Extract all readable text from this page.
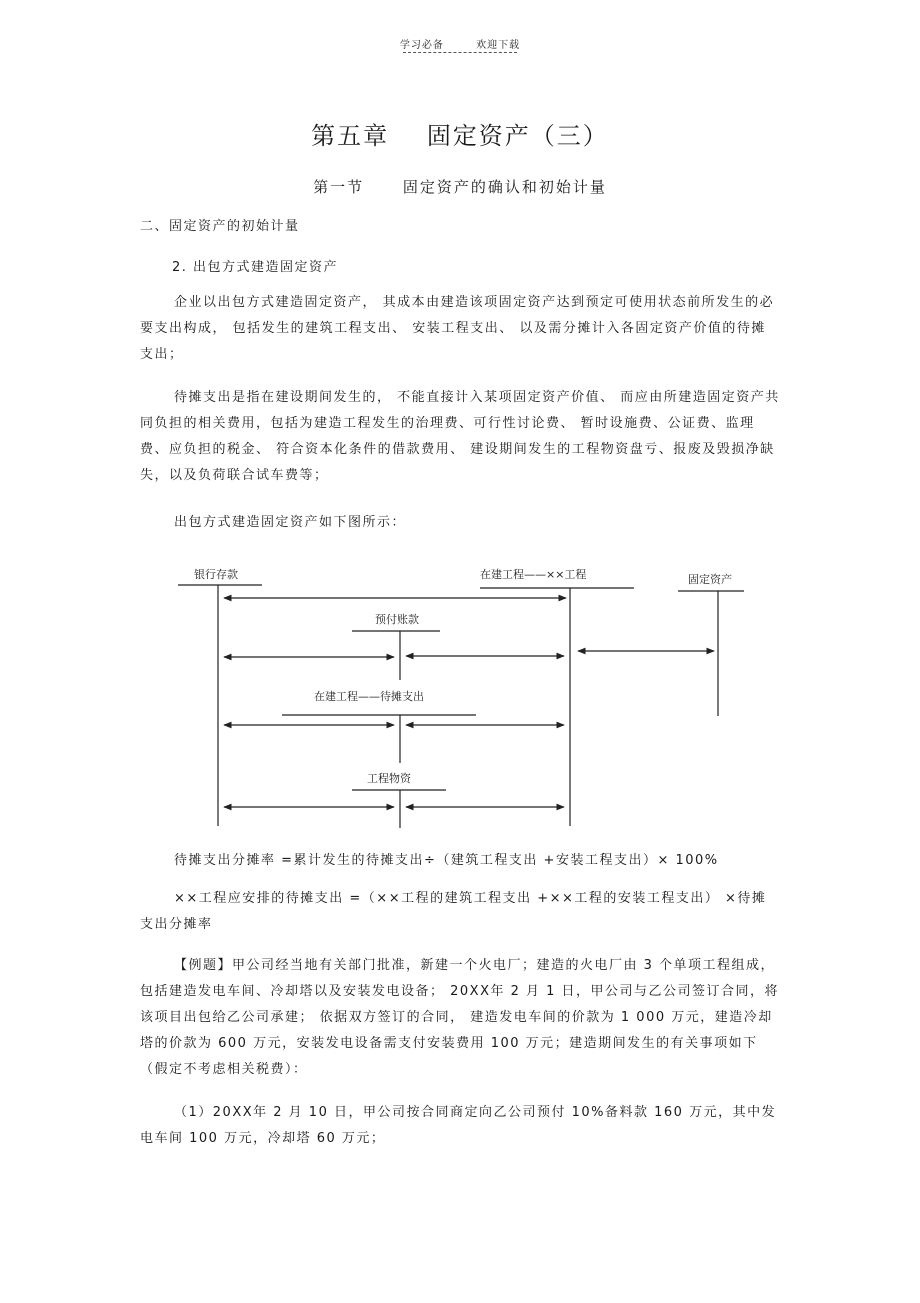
学习必备	欢迎下载
第五章 固定资产（三）
第一节	固定资产的确认和初始计量

二、固定资产的初始计量

2. 出包方式建造固定资产

企业以出包方式建造固定资产， 其成本由建造该项固定资产达到预定可使用状态前所发生的必要支出构成， 包括发生的建筑工程支出、 安装工程支出、 以及需分摊计入各固定资产价值的待摊支出；

待摊支出是指在建设期间发生的， 不能直接计入某项固定资产价值、 而应由所建造固定资产共同负担的相关费用，包括为建造工程发生的治理费、可行性讨论费、 暂时设施费、公证费、监理费、应负担的税金、 符合资本化条件的借款费用、 建设期间发生的工程物资盘亏、报废及毁损净缺失，以及负荷联合试车费等；

出包方式建造固定资产如下图所示：

银行存款	在建工程——××工程	固定资产
预付账款
在建工程——待摊支出
工程物资

待摊支出分摊率 =累计发生的待摊支出÷（建筑工程支出 +安装工程支出）× 100%

××工程应安排的待摊支出 =（××工程的建筑工程支出 +××工程的安装工程支出） ×待摊支出分摊率

【例题】甲公司经当地有关部门批准，新建一个火电厂；建造的火电厂由 3 个单项工程组成，包括建造发电车间、冷却塔以及安装发电设备； 20XX年 2 月 1 日，甲公司与乙公司签订合同，将该项目出包给乙公司承建； 依据双方签订的合同， 建造发电车间的价款为 1 000 万元，建造冷却塔的价款为 600 万元，安装发电设备需支付安装费用 100 万元；建造期间发生的有关事项如下（假定不考虑相关税费）：

（1）20XX年 2 月 10 日，甲公司按合同商定向乙公司预付 10%备料款 160 万元，其中发电车间 100 万元，冷却塔 60 万元；
